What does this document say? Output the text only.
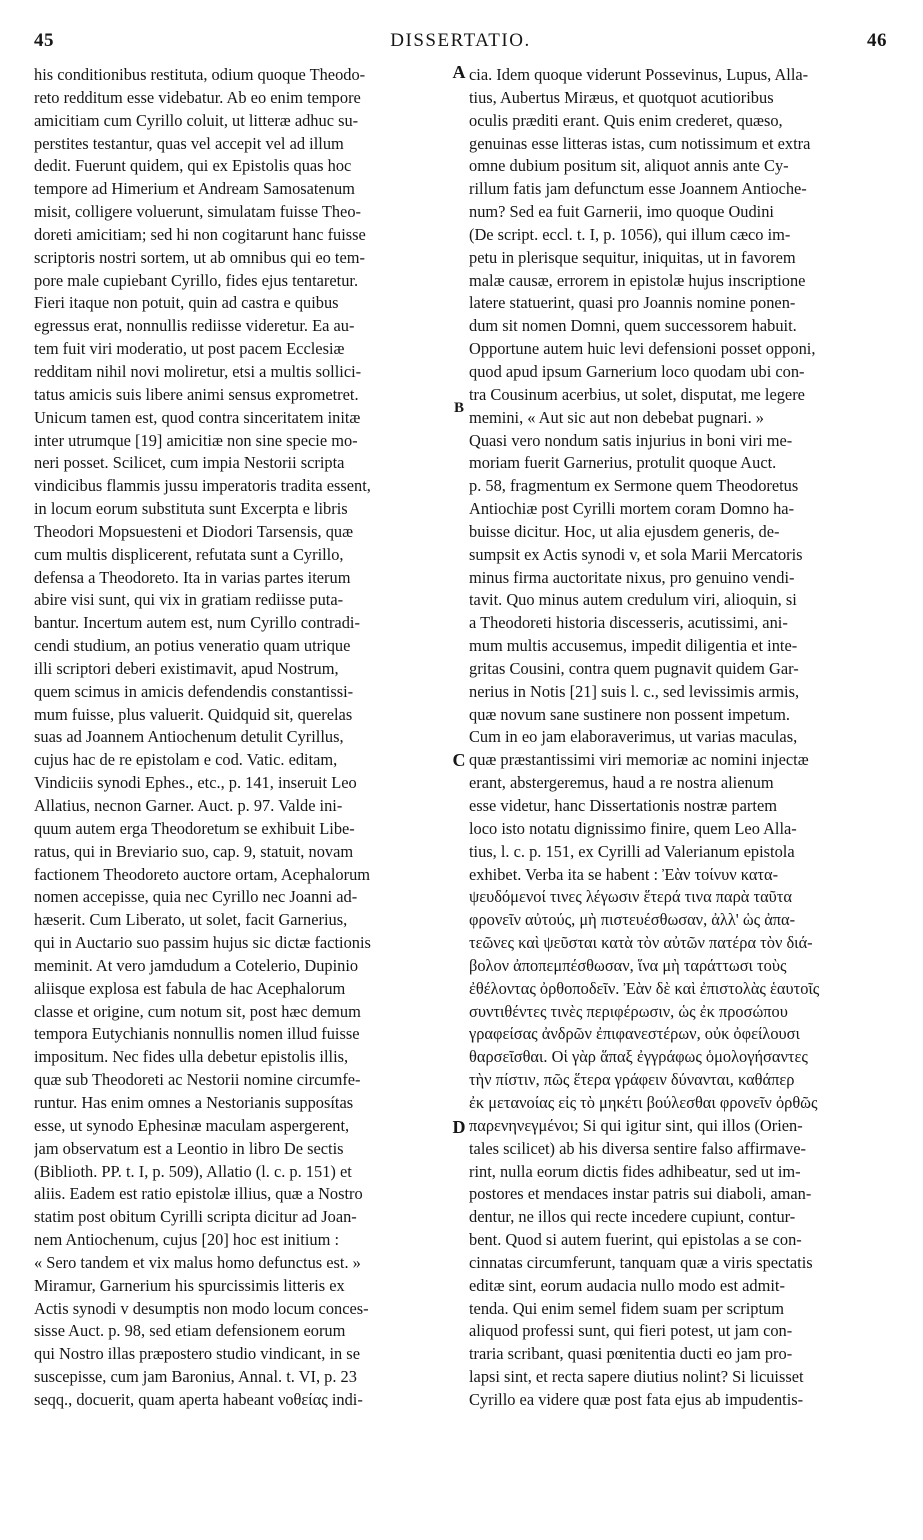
45	DISSERTATIO.	46
his conditionibus restituta, odium quoque Theodo-
reto redditum esse videbatur. Ab eo enim tempore
amicitiam cum Cyrillo coluit, ut litteræ adhuc su-
perstites testantur, quas vel accepit vel ad illum
dedit. Fuerunt quidem, qui ex Epistolis quas hoc
tempore ad Himerium et Andream Samosatenum
misit, colligere voluerunt, simulatam fuisse Theo-
doreti amicitiam; sed hi non cogitarunt hanc fuisse
scriptoris nostri sortem, ut ab omnibus qui eo tem-
pore male cupiebant Cyrillo, fides ejus tentaretur.
Fieri itaque non potuit, quin ad castra e quibus
egressus erat, nonnullis rediisse videretur. Ea au-
tem fuit viri moderatio, ut post pacem Ecclesiæ
redditam nihil novi moliretur, etsi a multis sollici-
tatus amicis suis libere animi sensus exprometret.
Unicum tamen est, quod contra sinceritatem initæ
inter utrumque [19] amicitiæ non sine specie mo-
neri posset. Scilicet, cum impia Nestorii scripta
vindicibus flammis jussu imperatoris tradita essent,
in locum eorum substituta sunt Excerpta e libris
Theodori Mopsuesteni et Diodori Tarsensis, quæ
cum multis displicerent, refutata sunt a Cyrillo,
defensa a Theodoreto. Ita in varias partes iterum
abire visi sunt, qui vix in gratiam rediisse puta-
bantur. Incertum autem est, num Cyrillo contradi-
cendi studium, an potius veneratio quam utrique
illi scriptori deberi existimavit, apud Nostrum,
quem scimus in amicis defendendis constantissi-
mum fuisse, plus valuerit. Quidquid sit, querelas
suas ad Joannem Antiochenum detulit Cyrillus,
cujus hac de re epistolam e cod. Vatic. editam,
Vindiciis synodi Ephes., etc., p. 141, inseruit Leo
Allatius, necnon Garner. Auct. p. 97. Valde ini-
quum autem erga Theodoretum se exhibuit Libe-
ratus, qui in Breviario suo, cap. 9, statuit, novam
factionem Theodoreto auctore ortam, Acephalorum
nomen accepisse, quia nec Cyrillo nec Joanni ad-
hæserit. Cum Liberato, ut solet, facit Garnerius,
qui in Auctario suo passim hujus sic dictæ factionis
meminit. At vero jamdudum a Cotelerio, Dupinio
aliisque explosa est fabula de hac Acephalorum
classe et origine, cum notum sit, post hæc demum
tempora Eutychianis nonnullis nomen illud fuisse
impositum. Nec fides ulla debetur epistolis illis,
quæ sub Theodoreti ac Nestorii nomine circumfe-
runtur. Has enim omnes a Nestorianis supposítas
esse, ut synodo Ephesinæ maculam aspergerent,
jam observatum est a Leontio in libro De sectis
(Biblioth. PP. t. I, p. 509), Allatio (l. c. p. 151) et
aliis. Eadem est ratio epistolæ illius, quæ a Nostro
statim post obitum Cyrilli scripta dicitur ad Joan-
nem Antiochenum, cujus [20] hoc est initium :
« Sero tandem et vix malus homo defunctus est. »
Miramur, Garnerium his spurcissimis litteris ex
Actis synodi v desumptis non modo locum conces-
sisse Auct. p. 98, sed etiam defensionem eorum
qui Nostro illas præpostero studio vindicant, in se
suscepisse, cum jam Baronius, Annal. t. VI, p. 23
seqq., docuerit, quam aperta habeant νοθείας indi-
cia. Idem quoque viderunt Possevinus, Lupus, Alla-
tius, Aubertus Miræus, et quotquot acutioribus
oculis præditi erant. Quis enim crederet, quæso,
genuinas esse litteras istas, cum notissimum et extra
omne dubium positum sit, aliquot annis ante Cy-
rillum fatis jam defunctum esse Joannem Antioche-
num? Sed ea fuit Garnerii, imo quoque Oudini
(De script. eccl. t. I, p. 1056), qui illum cæco im-
petu in plerisque sequitur, iniquitas, ut in favorem
malæ causæ, errorem in epistolæ hujus inscriptione
latere statuerint, quasi pro Joannis nomine ponen-
dum sit nomen Domni, quem successorem habuit.
Opportune autem huic levi defensioni posset opponi,
quod apud ipsum Garnerium loco quodam ubi con-
tra Cousinum acerbius, ut solet, disputat, me legere
memini, « Aut sic aut non debebat pugnari. »
Quasi vero nondum satis injurius in boni viri me-
moriam fuerit Garnerius, protulit quoque Auct.
p. 58, fragmentum ex Sermone quem Theodoretus
Antiochiæ post Cyrilli mortem coram Domno ha-
buisse dicitur. Hoc, ut alia ejusdem generis, de-
sumpsit ex Actis synodi v, et sola Marii Mercatoris
minus firma auctoritate nixus, pro genuino vendi-
tavit. Quo minus autem credulum viri, alioquin, si
a Theodoreti historia discesseris, acutissimi, ani-
mum multis accusemus, impedit diligentia et inte-
gritas Cousini, contra quem pugnavit quidem Gar-
nerius in Notis [21] suis l. c., sed levissimis armis,
quæ novum sane sustinere non possent impetum.
Cum in eo jam elaboraverimus, ut varias maculas,
quæ præstantissimi viri memoriæ ac nomini injectæ
erant, abstergeremus, haud a re nostra alienum
esse videtur, hanc Dissertationis nostræ partem
loco isto notatu dignissimo finire, quem Leo Alla-
tius, l. c. p. 151, ex Cyrilli ad Valerianum epistola
exhibet. Verba ita se habent : Ἐὰν τοίνυν κατα-
ψευδόμενοί τινες λέγωσιν ἕτερά τινα παρὰ ταῦτα
φρονεῖν αὐτούς, μὴ πιστευέσθωσαν, ἀλλ' ὡς ἀπα-
τεῶνες καὶ ψεῦσται κατὰ τὸν αὐτῶν πατέρα τὸν διά-
βολον ἀποπεμπέσθωσαν, ἵνα μὴ ταράττωσι τοὺς
ἐθέλοντας ὀρθοποδεῖν. Ἐὰν δὲ καὶ ἐπιστολὰς ἑαυτοῖς
συντιθέντες τινὲς περιφέρωσιν, ὡς ἐκ προσώπου
γραφείσας ἀνδρῶν ἐπιφανεστέρων, οὐκ ὀφείλουσι
θαρσεῖσθαι. Οἱ γὰρ ἅπαξ ἐγγράφως ὁμολογήσαντες
τὴν πίστιν, πῶς ἕτερα γράφειν δύνανται, καθάπερ
ἐκ μετανοίας εἰς τὸ μηκέτι βούλεσθαι φρονεῖν ὀρθῶς
παρενηνεγμένοι; Si qui igitur sint, qui illos (Orien-
tales scilicet) ab his diversa sentire falso affirmave-
rint, nulla eorum dictis fides adhibeatur, sed ut im-
postores et mendaces instar patris sui diaboli, aman-
dentur, ne illos qui recte incedere cupiunt, contur-
bent. Quod si autem fuerint, qui epistolas a se con-
cinnatas circumferunt, tanquam quæ a viris spectatis
editæ sint, eorum audacia nullo modo est admit-
tenda. Qui enim semel fidem suam per scriptum
aliquod professi sunt, qui fieri potest, ut jam con-
traria scribant, quasi pœnitentia ducti eo jam pro-
lapsi sint, et recta sapere diutius nolint? Si licuisset
Cyrillo ea videre quæ post fata ejus ab impudentis-
A
B
C
D
